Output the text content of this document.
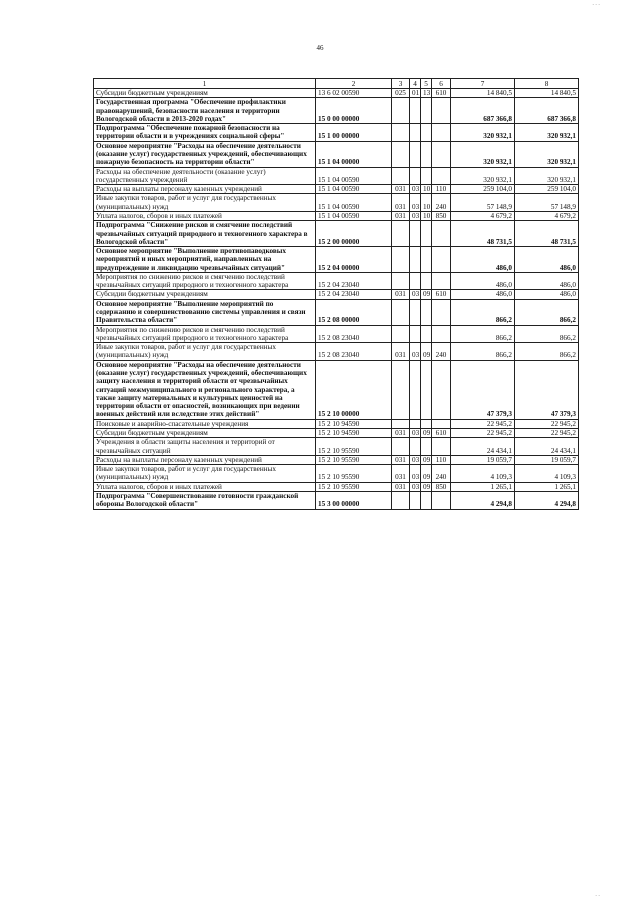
46
- - -
- -
1	2	3	4	5	6	7	8
Субсидии бюджетным учреждениям	13 6 02 00590	025	01	13	610	14 840,5	14 840,5
Государственная программа "Обеспечение профилактики правонарушений, безопасности населения и территории Вологодской области в 2013-2020 годах"	15 0 00 00000					687 366,8	687 366,8
Подпрограмма "Обеспечение пожарной безопасности на территории области и в учреждениях социальной сферы"	15 1 00 00000					320 932,1	320 932,1
Основное мероприятие "Расходы на обеспечение деятельности (оказание услуг) государственных учреждений, обеспечивающих пожарную безопасность на территории области"	15 1 04 00000					320 932,1	320 932,1
Расходы на обеспечение деятельности (оказание услуг) государственных учреждений	15 1 04 00590					320 932,1	320 932,1
Расходы на выплаты персоналу казенных учреждений	15 1 04 00590	031	03	10	110	259 104,0	259 104,0
Иные закупки товаров, работ и услуг для государственных (муниципальных) нужд	15 1 04 00590	031	03	10	240	57 148,9	57 148,9
Уплата налогов, сборов и иных платежей	15 1 04 00590	031	03	10	850	4 679,2	4 679,2
Подпрограмма "Снижение рисков и смягчение последствий чрезвычайных ситуаций природного и техногенного характера в Вологодской области"	15 2 00 00000					48 731,5	48 731,5
Основное мероприятие "Выполнение противопаводковых мероприятий и иных мероприятий, направленных на предупреждение и ликвидацию чрезвычайных ситуаций"	15 2 04 00000					486,0	486,0
Мероприятия по снижению рисков и смягчению последствий чрезвычайных ситуаций природного и техногенного характера	15 2 04 23040					486,0	486,0
Субсидии бюджетным учреждениям	15 2 04 23040	031	03	09	610	486,0	486,0
Основное мероприятие "Выполнение мероприятий по содержанию и совершенствованию системы управления и связи Правительства области"	15 2 08 00000					866,2	866,2
Мероприятия по снижению рисков и смягчению последствий чрезвычайных ситуаций природного и техногенного характера	15 2 08 23040					866,2	866,2
Иные закупки товаров, работ и услуг для государственных (муниципальных) нужд	15 2 08 23040	031	03	09	240	866,2	866,2
Основное мероприятие "Расходы на обеспечение деятельности (оказание услуг) государственных учреждений, обеспечивающих защиту населения и территорий области от чрезвычайных ситуаций межмуниципального и регионального характера, а также защиту материальных и культурных ценностей на территории области от опасностей, возникающих при ведении военных действий или вследствие этих действий"	15 2 10 00000					47 379,3	47 379,3
Поисковые и аварийно-спасательные учреждения	15 2 10 94590					22 945,2	22 945,2
Субсидии бюджетным учреждениям	15 2 10 94590	031	03	09	610	22 945,2	22 945,2
Учреждения в области защиты населения и территорий от чрезвычайных ситуаций	15 2 10 95590					24 434,1	24 434,1
Расходы на выплаты персоналу казенных учреждений	15 2 10 95590	031	03	09	110	19 059,7	19 059,7
Иные закупки товаров, работ и услуг для государственных (муниципальных) нужд	15 2 10 95590	031	03	09	240	4 109,3	4 109,3
Уплата налогов, сборов и иных платежей	15 2 10 95590	031	03	09	850	1 265,1	1 265,1
Подпрограмма "Совершенствование готовности гражданской обороны Вологодской области"	15 3 00 00000					4 294,8	4 294,8
